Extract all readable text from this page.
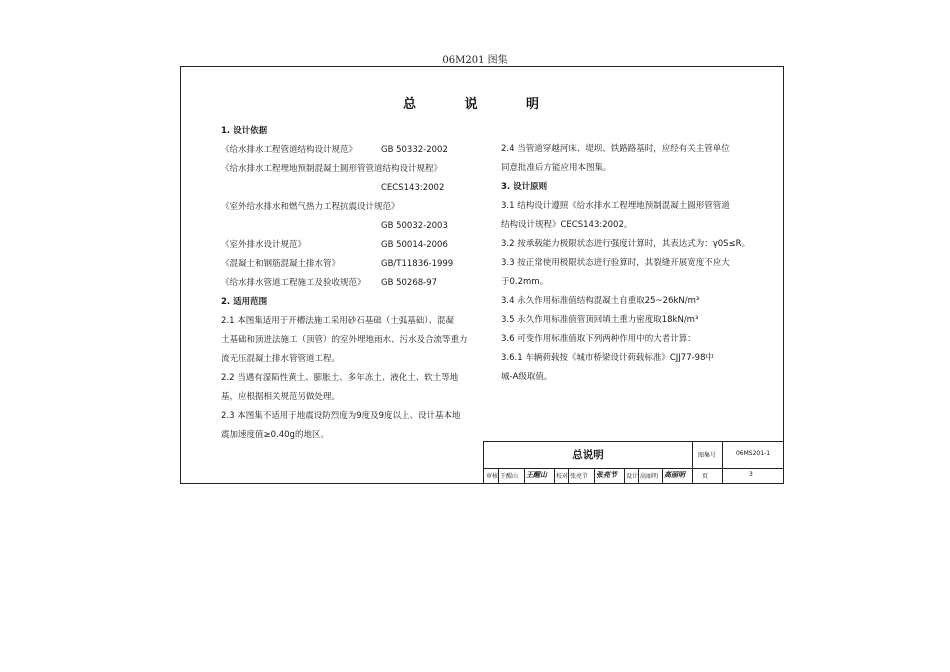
06M201 图集
总 说 明
1. 设计依据
《给水排水工程管道结构设计规范》	GB 50332-2002
《给水排水工程埋地预制混凝土圆形管管道结构设计规程》
CECS143:2002
《室外给水排水和燃气热力工程抗震设计规范》
GB 50032-2003
《室外排水设计规范》	GB 50014-2006
《混凝土和钢筋混凝土排水管》	GB/T11836-1999
《给水排水管道工程施工及验收规范》 GB 50268-97
2. 适用范围
2.1 本图集适用于开槽法施工采用砂石基础（土弧基础）、混凝
土基础和顶进法施工（顶管）的室外埋地雨水、污水及合流等重力
流无压混凝土排水管管道工程。
2.2 当遇有湿陷性黄土、膨胀土、多年冻土、液化土、软土等地
基，应根据相关规范另做处理。
2.3 本图集不适用于地震设防烈度为9度及9度以上、设计基本地
震加速度值≥0.40g的地区。
2.4 当管道穿越河床、堤坝、铁路路基时，应经有关主管单位
同意批准后方能应用本图集。
3. 设计原则
3.1 结构设计遵照《给水排水工程埋地预制混凝土圆形管管道
结构设计规程》CECS143:2002。
3.2 按承载能力极限状态进行强度计算时，其表达式为：γ0S≤R。
3.3 按正常使用极限状态进行验算时，其裂缝开展宽度不应大
于0.2mm。
3.4 永久作用标准值结构混凝土自重取25~26kN/m³
3.5 永久作用标准值管顶回填土重力密度取18kN/m³
3.6 可变作用标准值取下列两种作用中的大者计算：
3.6.1 车辆荷载按《城市桥梁设计荷载标准》CJJ77-98中
城-A级取值。
总说明	图集号	06MS201-1
审核 王醒山 王醒山 校对 张亮节 张亮节 设计 高丽明 高丽明	页	3
